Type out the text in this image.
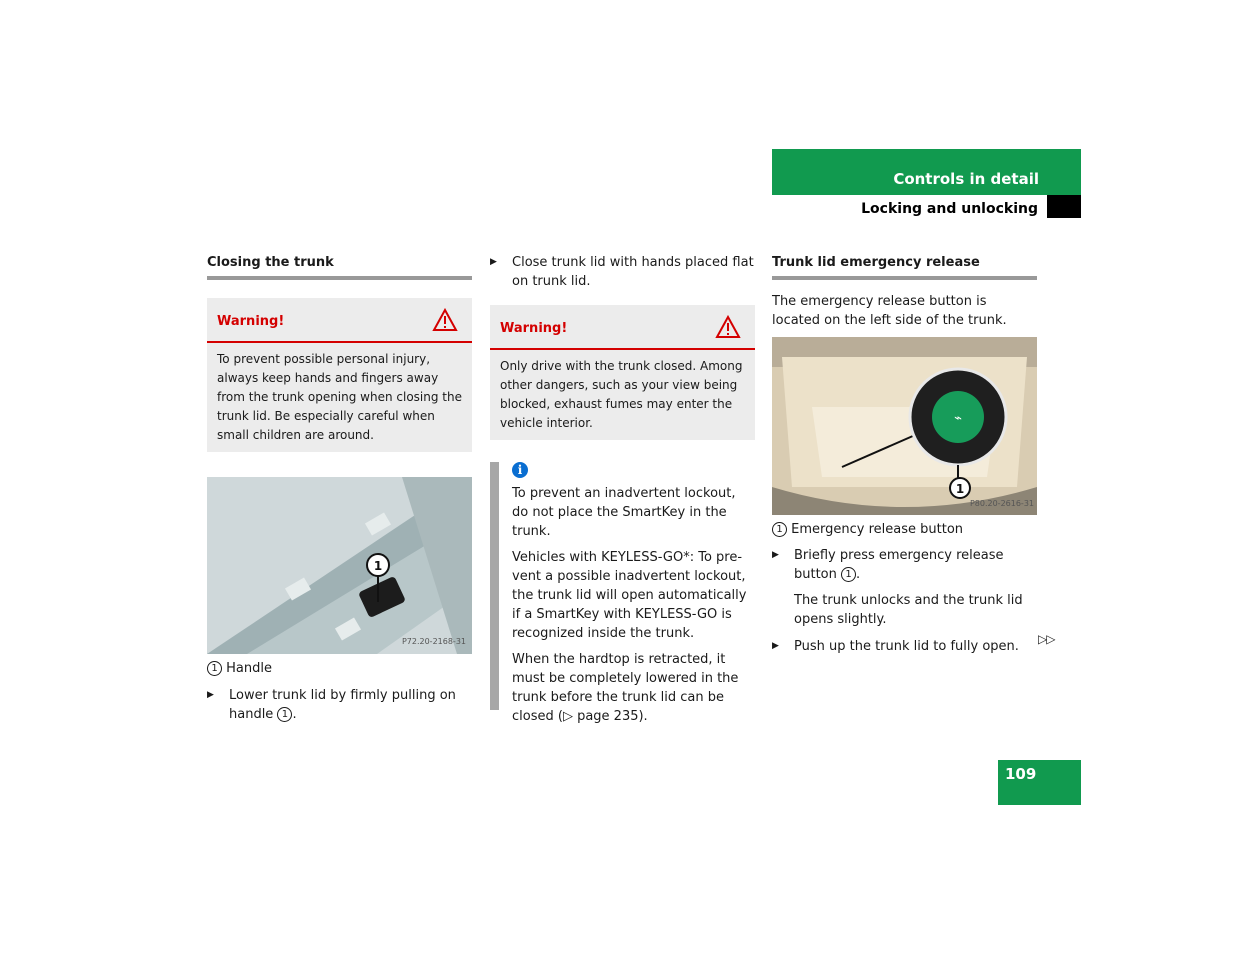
Controls in detail
Locking and unlocking
Closing the trunk
Warning!
To prevent possible personal injury, always keep hands and fingers away from the trunk opening when closing the trunk lid. Be especially careful when small children are around.
1
P72.20-2168-31

1 Handle

▶ Lower trunk lid by firmly pulling on handle 1 .

▶ Close trunk lid with hands placed flat on trunk lid.

Warning!
Only drive with the trunk closed. Among other dangers, such as your view being blocked, exhaust fumes may enter the vehicle interior.
i

To prevent an inadvertent lockout, do not place the SmartKey in the trunk.

Vehicles with KEYLESS-GO*: To prevent a possible inadvertent lockout, the trunk lid will open automatically if a SmartKey with KEYLESS-GO is recognized inside the trunk.

When the hardtop is retracted, it must be completely lowered in the trunk before the trunk lid can be closed (▷ page 235).

Trunk lid emergency release

The emergency release button is located on the left side of the trunk.

⌁
1
P80.20-2616-31

1 Emergency release button

▶ Briefly press emergency release button 1 .

The trunk unlocks and the trunk lid opens slightly.

▶ Push up the trunk lid to fully open.	▷▷
109
